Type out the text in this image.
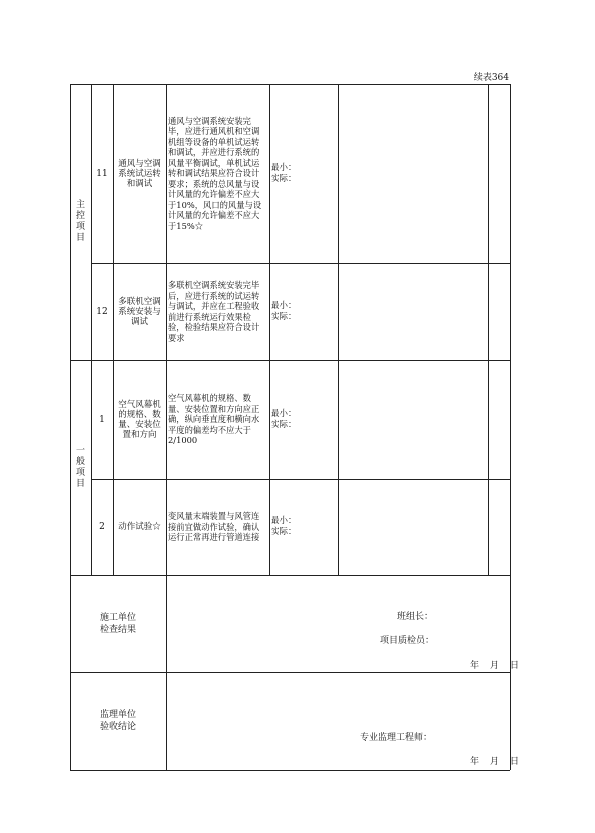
续表364
主控项目
一般项目
11
通风与空调系统试运转和调试
通风与空调系统安装完毕，应进行通风机和空调机组等设备的单机试运转和调试，并应进行系统的风量平衡调试，单机试运转和调试结果应符合设计要求；系统的总风量与设计风量的允许偏差不应大于10%，风口的风量与设计风量的允许偏差不应大于15%☆
最小：
实际：
12
多联机空调系统安装与调试
多联机空调系统安装完毕后，应进行系统的试运转与调试，并应在工程验收前进行系统运行效果检验，检验结果应符合设计要求
最小：
实际：
1
空气风幕机的规格、数量、安装位置和方向
空气风幕机的规格、数量、安装位置和方向应正确，纵向垂直度和横向水平度的偏差均不应大于2/1000
最小：
实际：
2	动作试验☆
变风量末端装置与风管连接前宜做动作试验，确认运行正常再进行管道连接
最小：
实际：
施工单位检查结果
班组长：
项目质检员：
年 月 日
监理单位验收结论
专业监理工程师：
年 月 日
